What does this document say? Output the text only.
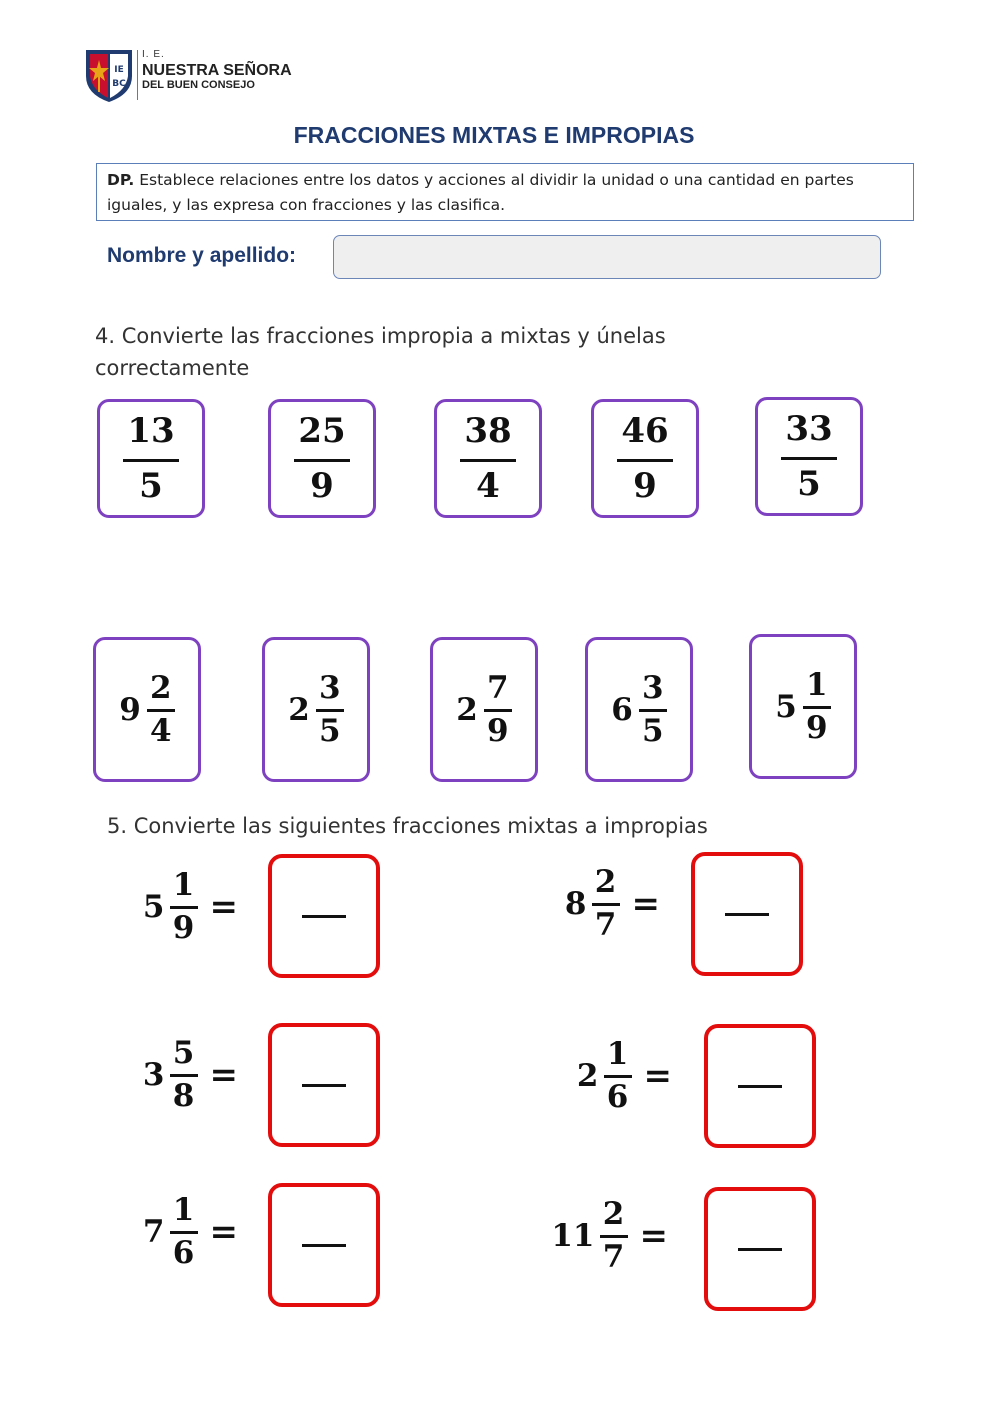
IE
BC
I. E.
NUESTRA SEÑORA
DEL BUEN CONSEJO
FRACCIONES MIXTAS E IMPROPIAS
DP. Establece relaciones entre los datos y acciones al dividir la unidad o una cantidad en partes iguales, y las expresa con fracciones y las clasifica.
Nombre y apellido:
4. Convierte las fracciones impropia a mixtas y únelas correctamente
$\frac{13}{5}$	$\frac{25}{9}$	$\frac{38}{4}$	$\frac{46}{9}$	$\frac{33}{5}$
$9 \frac{2}{4}$	$2 \frac{3}{5}$	$2 \frac{7}{9}$	$6 \frac{3}{5}$	$5 \frac{1}{9}$
5. Convierte las siguientes fracciones mixtas a impropias
$5 \frac{1}{9}$ =	$8 \frac{2}{7}$ =
$3 \frac{5}{8}$ =	$2 \frac{1}{6}$ =
$7 \frac{1}{6}$ =	$11 \frac{2}{7}$ =
